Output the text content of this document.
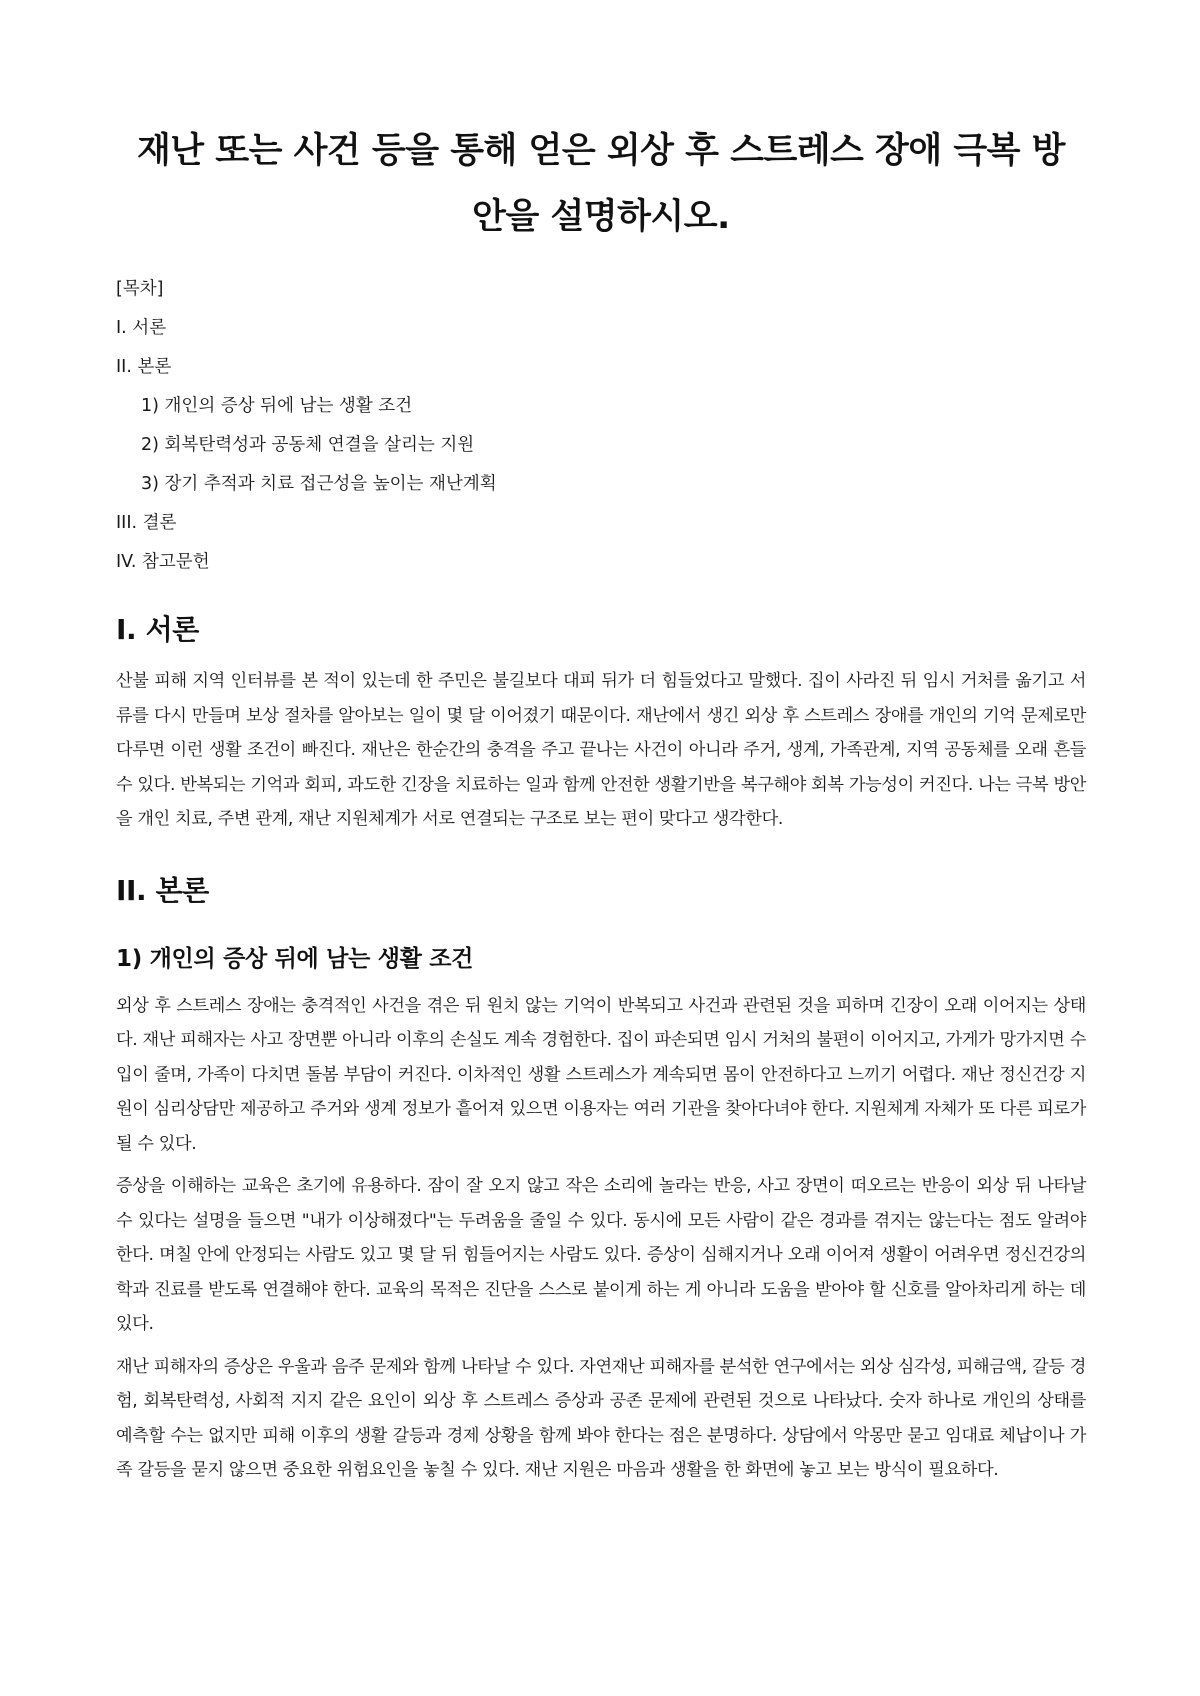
재난 또는 사건 등을 통해 얻은 외상 후 스트레스 장애 극복 방안을 설명하시오.
[목차]
I. 서론
II. 본론
1) 개인의 증상 뒤에 남는 생활 조건
2) 회복탄력성과 공동체 연결을 살리는 지원
3) 장기 추적과 치료 접근성을 높이는 재난계획
III. 결론
IV. 참고문헌
I. 서론

산불 피해 지역 인터뷰를 본 적이 있는데 한 주민은 불길보다 대피 뒤가 더 힘들었다고 말했다. 집이 사라진 뒤 임시 거처를 옮기고 서류를 다시 만들며 보상 절차를 알아보는 일이 몇 달 이어졌기 때문이다. 재난에서 생긴 외상 후 스트레스 장애를 개인의 기억 문제로만 다루면 이런 생활 조건이 빠진다. 재난은 한순간의 충격을 주고 끝나는 사건이 아니라 주거, 생계, 가족관계, 지역 공동체를 오래 흔들 수 있다. 반복되는 기억과 회피, 과도한 긴장을 치료하는 일과 함께 안전한 생활기반을 복구해야 회복 가능성이 커진다. 나는 극복 방안을 개인 치료, 주변 관계, 재난 지원체계가 서로 연결되는 구조로 보는 편이 맞다고 생각한다.

II. 본론
1) 개인의 증상 뒤에 남는 생활 조건

외상 후 스트레스 장애는 충격적인 사건을 겪은 뒤 원치 않는 기억이 반복되고 사건과 관련된 것을 피하며 긴장이 오래 이어지는 상태다. 재난 피해자는 사고 장면뿐 아니라 이후의 손실도 계속 경험한다. 집이 파손되면 임시 거처의 불편이 이어지고, 가게가 망가지면 수입이 줄며, 가족이 다치면 돌봄 부담이 커진다. 이차적인 생활 스트레스가 계속되면 몸이 안전하다고 느끼기 어렵다. 재난 정신건강 지원이 심리상담만 제공하고 주거와 생계 정보가 흩어져 있으면 이용자는 여러 기관을 찾아다녀야 한다. 지원체계 자체가 또 다른 피로가 될 수 있다.

증상을 이해하는 교육은 초기에 유용하다. 잠이 잘 오지 않고 작은 소리에 놀라는 반응, 사고 장면이 떠오르는 반응이 외상 뒤 나타날 수 있다는 설명을 들으면 "내가 이상해졌다"는 두려움을 줄일 수 있다. 동시에 모든 사람이 같은 경과를 겪지는 않는다는 점도 알려야 한다. 며칠 안에 안정되는 사람도 있고 몇 달 뒤 힘들어지는 사람도 있다. 증상이 심해지거나 오래 이어져 생활이 어려우면 정신건강의학과 진료를 받도록 연결해야 한다. 교육의 목적은 진단을 스스로 붙이게 하는 게 아니라 도움을 받아야 할 신호를 알아차리게 하는 데 있다.

재난 피해자의 증상은 우울과 음주 문제와 함께 나타날 수 있다. 자연재난 피해자를 분석한 연구에서는 외상 심각성, 피해금액, 갈등 경험, 회복탄력성, 사회적 지지 같은 요인이 외상 후 스트레스 증상과 공존 문제에 관련된 것으로 나타났다. 숫자 하나로 개인의 상태를 예측할 수는 없지만 피해 이후의 생활 갈등과 경제 상황을 함께 봐야 한다는 점은 분명하다. 상담에서 악몽만 묻고 임대료 체납이나 가족 갈등을 묻지 않으면 중요한 위험요인을 놓칠 수 있다. 재난 지원은 마음과 생활을 한 화면에 놓고 보는 방식이 필요하다.
